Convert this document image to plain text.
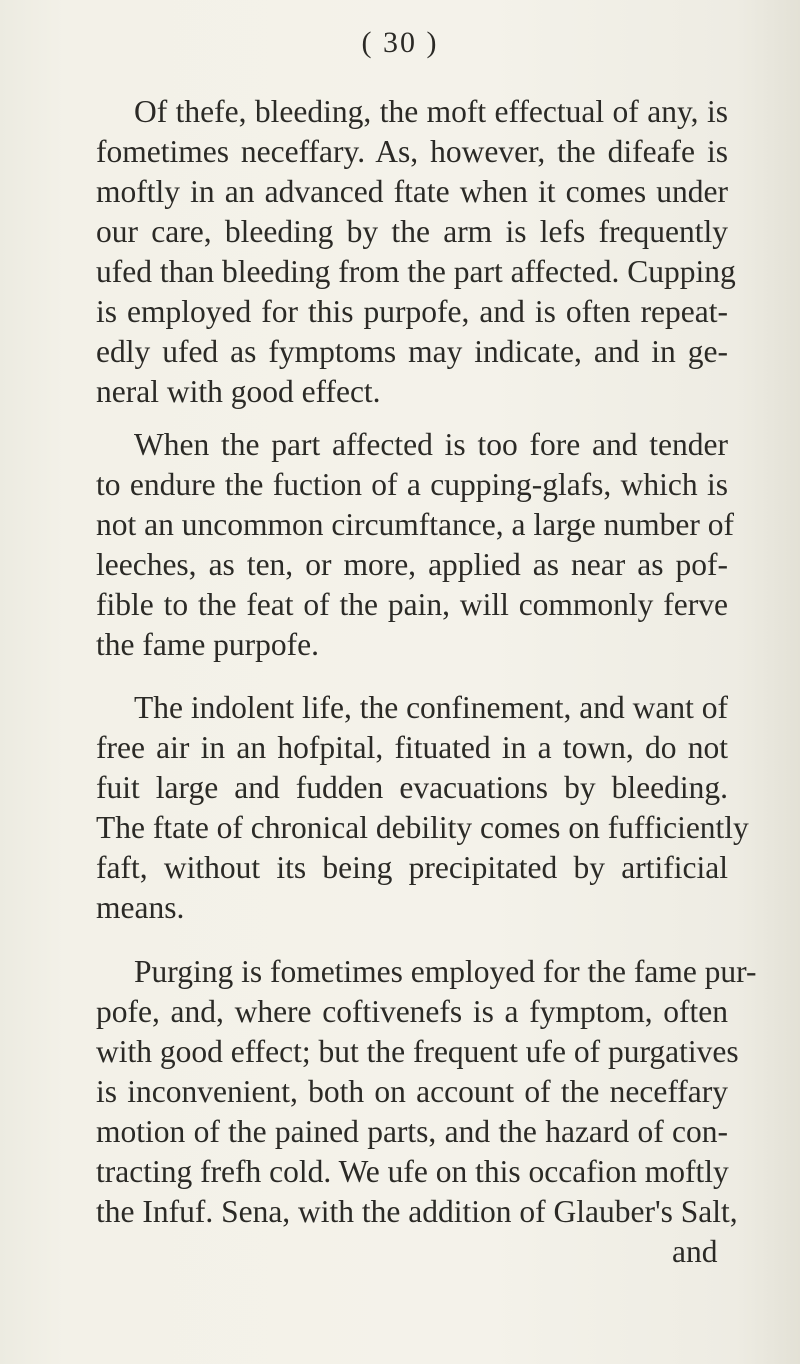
( 30 )
Of thefe, bleeding, the moft effectual of any, is
fometimes neceffary. As, however, the difeafe is
moftly in an advanced ftate when it comes under
our care, bleeding by the arm is lefs frequently
ufed than bleeding from the part affected. Cupping
is employed for this purpofe, and is often repeat-
edly ufed as fymptoms may indicate, and in ge-
neral with good effect.
When the part affected is too fore and tender
to endure the fuction of a cupping-glafs, which is
not an uncommon circumftance, a large number of
leeches, as ten, or more, applied as near as pof-
fible to the feat of the pain, will commonly ferve
the fame purpofe.
The indolent life, the confinement, and want of
free air in an hofpital, fituated in a town, do not
fuit large and fudden evacuations by bleeding.
The ftate of chronical debility comes on fufficiently
faft, without its being precipitated by artificial
means.
Purging is fometimes employed for the fame pur-
pofe, and, where coftivenefs is a fymptom, often
with good effect; but the frequent ufe of purgatives
is inconvenient, both on account of the neceffary
motion of the pained parts, and the hazard of con-
tracting frefh cold. We ufe on this occafion moftly
the Infuf. Sena, with the addition of Glauber's Salt,
and
